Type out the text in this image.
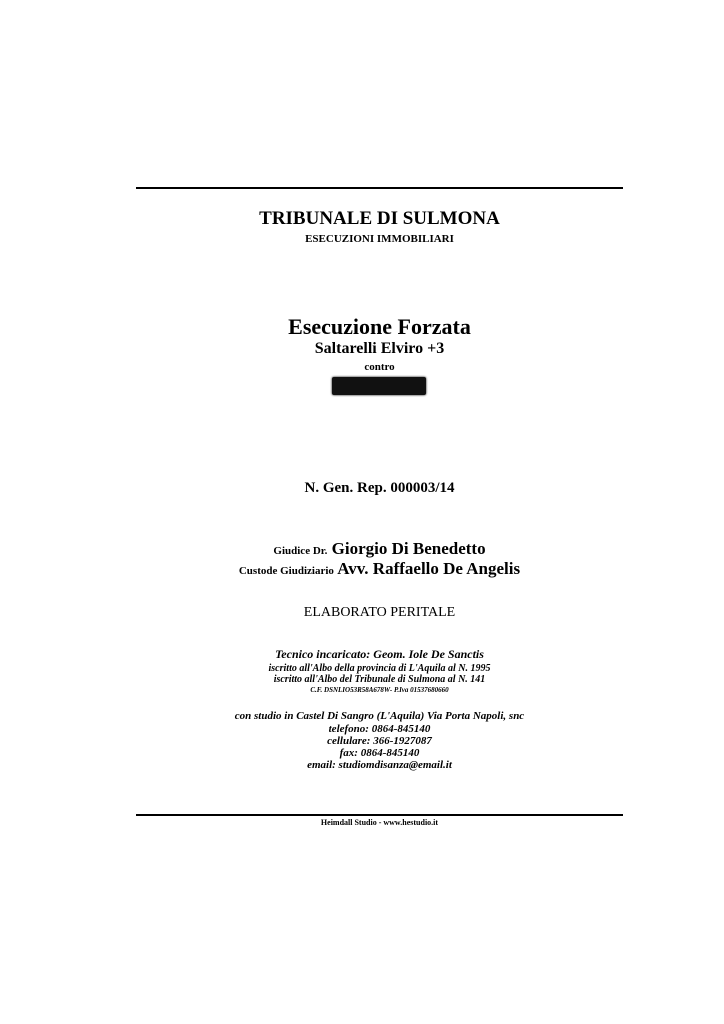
TRIBUNALE DI SULMONA
ESECUZIONI IMMOBILIARI
Esecuzione Forzata
Saltarelli Elviro +3
contro
N. Gen. Rep. 000003/14
Giudice Dr. Giorgio Di Benedetto
Custode Giudiziario Avv. Raffaello De Angelis
ELABORATO PERITALE
Tecnico incaricato: Geom. Iole De Sanctis
iscritto all'Albo della provincia di L'Aquila al N. 1995
iscritto all'Albo del Tribunale di Sulmona al N. 141
C.F. DSNLIO53R58A678W- P.Iva 01537680660
con studio in Castel Di Sangro (L'Aquila) Via Porta Napoli, snc
telefono: 0864-845140
cellulare: 366-1927087
fax: 0864-845140
email: studiomdisanza@email.it
Heimdall Studio - www.hestudio.it
